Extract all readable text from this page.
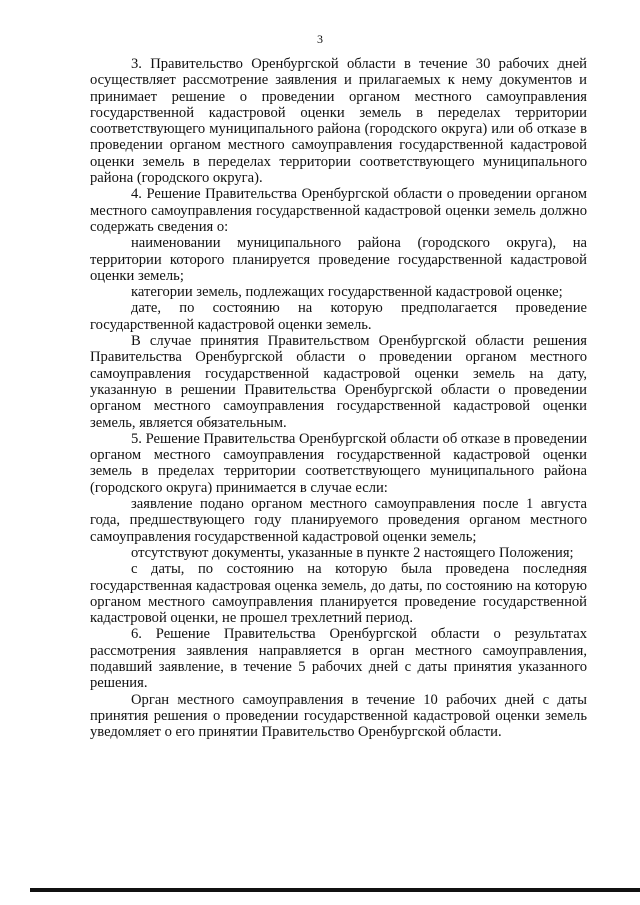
3

3. Правительство Оренбургской области в течение 30 рабочих дней осуществляет рассмотрение заявления и прилагаемых к нему документов и принимает решение о проведении органом местного самоуправления государственной кадастровой оценки земель в переделах территории соответствующего муниципального района (городского округа) или об отказе в проведении органом местного самоуправления государственной кадастровой оценки земель в переделах территории соответствующего муниципального района (городского округа).

4. Решение Правительства Оренбургской области о проведении органом местного самоуправления государственной кадастровой оценки земель должно содержать сведения о:

наименовании муниципального района (городского округа), на территории которого планируется проведение государственной кадастровой оценки земель;

категории земель, подлежащих государственной кадастровой оценке;

дате, по состоянию на которую предполагается проведение государственной кадастровой оценки земель.

В случае принятия Правительством Оренбургской области решения Правительства Оренбургской области о проведении органом местного самоуправления государственной кадастровой оценки земель на дату, указанную в решении Правительства Оренбургской области о проведении органом местного самоуправления государственной кадастровой оценки земель, является обязательным.

5. Решение Правительства Оренбургской области об отказе в проведении органом местного самоуправления государственной кадастровой оценки земель в пределах территории соответствующего муниципального района (городского округа) принимается в случае если:

заявление подано органом местного самоуправления после 1 августа года, предшествующего году планируемого проведения органом местного самоуправления государственной кадастровой оценки земель;

отсутствуют документы, указанные в пункте 2 настоящего Положения;

с даты, по состоянию на которую была проведена последняя государственная кадастровая оценка земель, до даты, по состоянию на которую органом местного самоуправления планируется проведение государственной кадастровой оценки, не прошел трехлетний период.

6. Решение Правительства Оренбургской области о результатах рассмотрения заявления направляется в орган местного самоуправления, подавший заявление, в течение 5 рабочих дней с даты принятия указанного решения.

Орган местного самоуправления в течение 10 рабочих дней с даты принятия решения о проведении государственной кадастровой оценки земель уведомляет о его принятии Правительство Оренбургской области.
